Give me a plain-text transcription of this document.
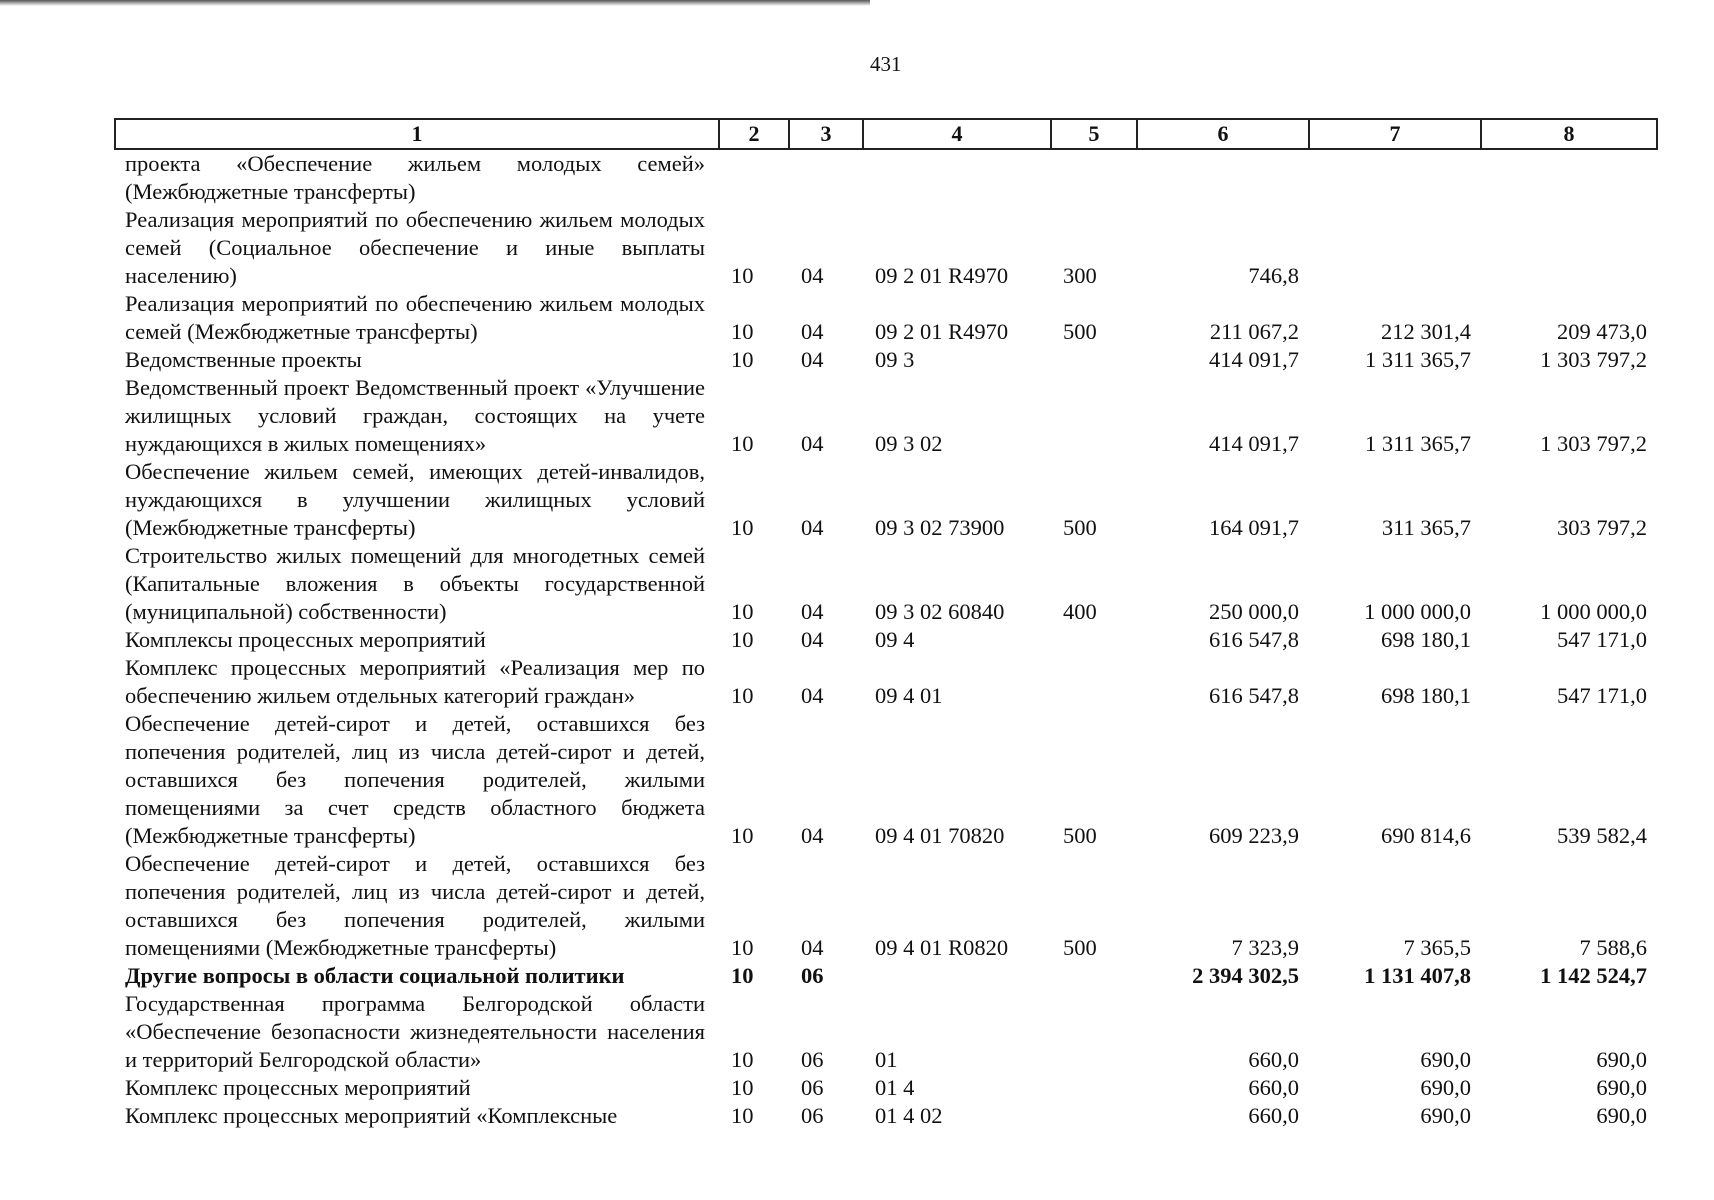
431
1	2	3	4	5	6	7	8
проекта «Обеспечение жильем молодых семей» (Межбюджетные трансферты)							
Реализация мероприятий по обеспечению жильем молодых семей (Социальное обеспечение и иные выплаты населению)	10	04	09 2 01 R4970	300	746,8		
Реализация мероприятий по обеспечению жильем молодых семей (Межбюджетные трансферты)	10	04	09 2 01 R4970	500	211 067,2	212 301,4	209 473,0
Ведомственные проекты	10	04	09 3		414 091,7	1 311 365,7	1 303 797,2
Ведомственный проект Ведомственный проект «Улучшение жилищных условий граждан, состоящих на учете нуждающихся в жилых помещениях»	10	04	09 3 02		414 091,7	1 311 365,7	1 303 797,2
Обеспечение жильем семей, имеющих детей-инвалидов, нуждающихся в улучшении жилищных условий (Межбюджетные трансферты)	10	04	09 3 02 73900	500	164 091,7	311 365,7	303 797,2
Строительство жилых помещений для многодетных семей (Капитальные вложения в объекты государственной (муниципальной) собственности)	10	04	09 3 02 60840	400	250 000,0	1 000 000,0	1 000 000,0
Комплексы процессных мероприятий	10	04	09 4		616 547,8	698 180,1	547 171,0
Комплекс процессных мероприятий «Реализация мер по обеспечению жильем отдельных категорий граждан»	10	04	09 4 01		616 547,8	698 180,1	547 171,0
Обеспечение детей-сирот и детей, оставшихся без попечения родителей, лиц из числа детей-сирот и детей, оставшихся без попечения родителей, жилыми помещениями за счет средств областного бюджета (Межбюджетные трансферты)	10	04	09 4 01 70820	500	609 223,9	690 814,6	539 582,4
Обеспечение детей-сирот и детей, оставшихся без попечения родителей, лиц из числа детей-сирот и детей, оставшихся без попечения родителей, жилыми помещениями (Межбюджетные трансферты)	10	04	09 4 01 R0820	500	7 323,9	7 365,5	7 588,6
Другие вопросы в области социальной политики	10	06			2 394 302,5	1 131 407,8	1 142 524,7
Государственная программа Белгородской области «Обеспечение безопасности жизнедеятельности населения и территорий Белгородской области»	10	06	01		660,0	690,0	690,0
Комплекс процессных мероприятий	10	06	01 4		660,0	690,0	690,0
Комплекс процессных мероприятий «Комплексные	10	06	01 4 02		660,0	690,0	690,0
